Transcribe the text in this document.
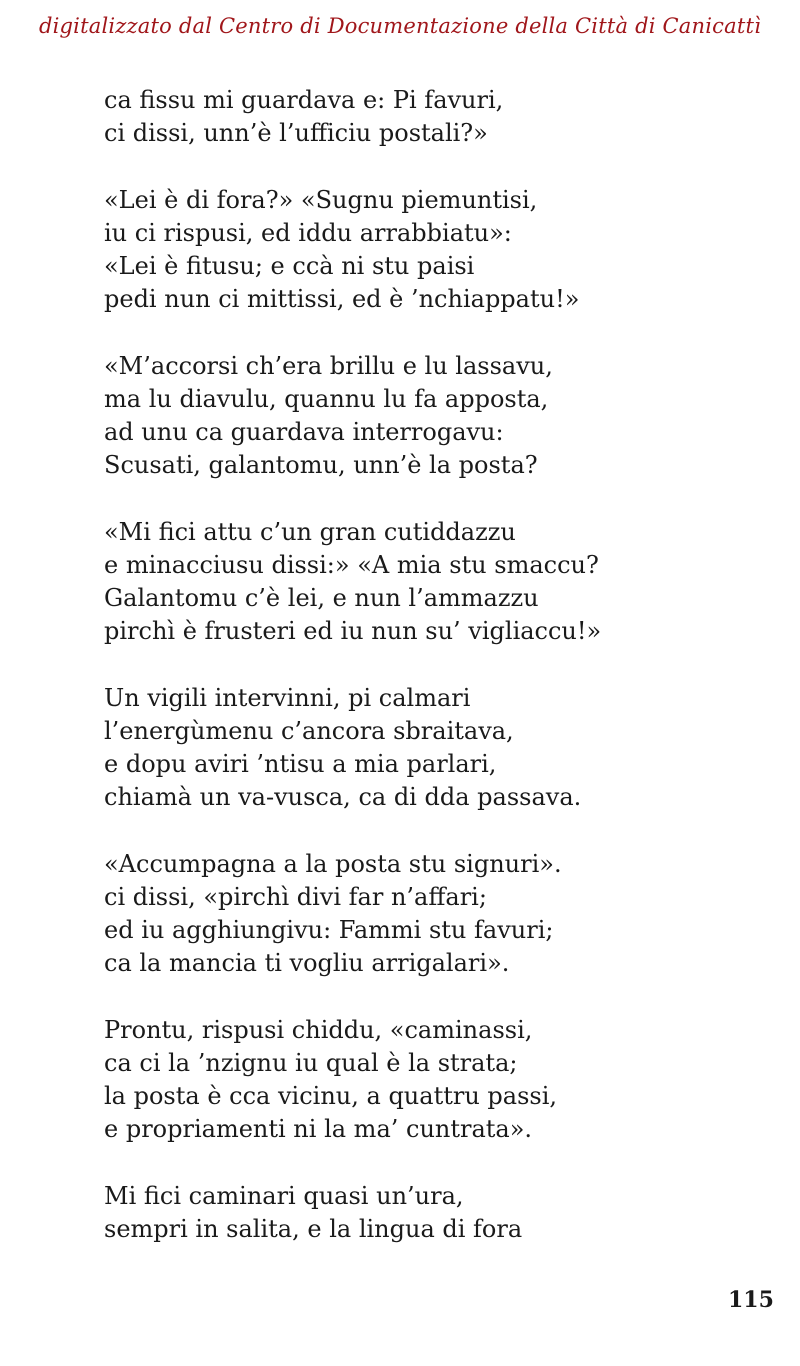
digitalizzato dal Centro di Documentazione della Città di Canicattì
ca fissu mi guardava e: Pi favuri,
ci dissi, unn’è l’ufficiu postali?»
«Lei è di fora?» «Sugnu piemuntisi,
iu ci rispusi, ed iddu arrabbiatu»:
«Lei è fitusu; e ccà ni stu paisi
pedi nun ci mittissi, ed è ’nchiappatu!»
«M’accorsi ch’era brillu e lu lassavu,
ma lu diavulu, quannu lu fa apposta,
ad unu ca guardava interrogavu:
Scusati, galantomu, unn’è la posta?
«Mi fici attu c’un gran cutiddazzu
e minacciusu dissi:» «A mia stu smaccu?
Galantomu c’è lei, e nun l’ammazzu
pirchì è frusteri ed iu nun su’ vigliaccu!»
Un vigili intervinni, pi calmari
l’energùmenu c’ancora sbraitava,
e dopu aviri ’ntisu a mia parlari,
chiamà un va-vusca, ca di dda passava.
«Accumpagna a la posta stu signuri».
ci dissi, «pirchì divi far n’affari;
ed iu agghiungivu: Fammi stu favuri;
ca la mancia ti vogliu arrigalari».
Prontu, rispusi chiddu, «caminassi,
ca ci la ’nzignu iu qual è la strata;
la posta è cca vicinu, a quattru passi,
e propriamenti ni la ma’ cuntrata».
Mi fici caminari quasi un’ura,
sempri in salita, e la lingua di fora
115
